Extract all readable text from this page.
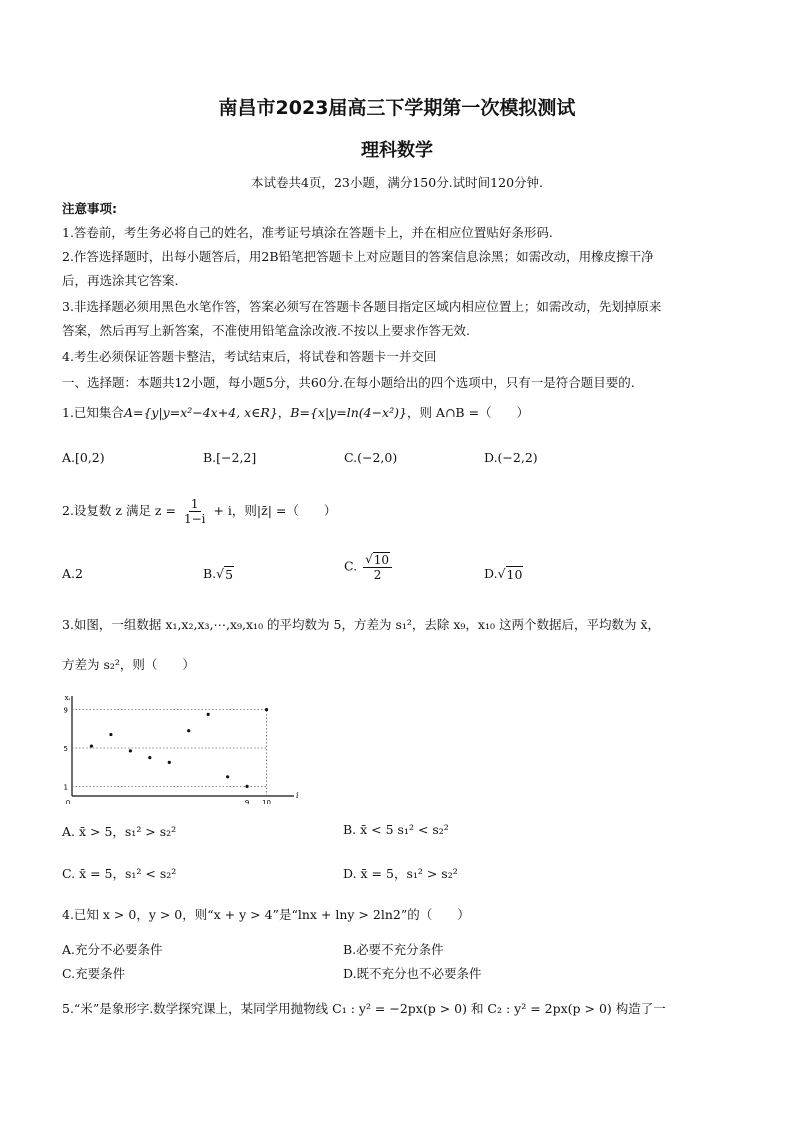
南昌市2023届高三下学期第一次模拟测试
理科数学
本试卷共4页，23小题，满分150分.试时间120分钟.
注意事项:
1.答卷前，考生务必将自己的姓名，准考证号填涂在答题卡上，并在相应位置贴好条形码.
2.作答选择题时，出每小题答后，用2B铅笔把答题卡上对应题目的答案信息涂黑；如需改动，用橡皮擦干净
后，再选涂其它答案.
3.非选择题必须用黑色水笔作答，答案必须写在答题卡各题目指定区域内相应位置上；如需改动，先划掉原来
答案，然后再写上新答案，不准使用铅笔盒涂改液.不按以上要求作答无效.
4.考生必须保证答题卡整洁，考试结束后，将试卷和答题卡一并交回
一、选择题：本题共12小题，每小题5分，共60分.在每小题给出的四个选项中，只有一是符合题目要的.
1.已知集合A={y|y=x²−4x+4, x∈R}，B={x|y=ln(4−x²)}，则 A∩B =（　　）
A.[0,2)	B.[−2,2]	C.(−2,0)	D.(−2,2)
2.设复数 z 满足 $z = \frac{1}{1-i} + i$，则|z̄| =（　　）
A.2	B.√ 5
C. $\frac{√ 10}{2}$	D.√ 10
3.如图，一组数据 x₁,x₂,x₃,⋯,x₉,x₁₀ 的平均数为 5，方差为 s₁²，去除 x₉，x₁₀ 这两个数据后，平均数为 x̄，
方差为 s₂²，则（　　）
xᵢ
i
1
5
9
0	9 10
A. x̄ > 5，s₁² > s₂²	B. x̄ < 5 s₁² < s₂²
C. x̄ = 5，s₁² < s₂²	D. x̄ = 5，s₁² > s₂²
4.已知 x > 0，y > 0，则“x + y > 4”是“lnx + lny > 2ln2”的（　　）
A.充分不必要条件	B.必要不充分条件
C.充要条件	D.既不充分也不必要条件
5.“米”是象形字.数学探究课上，某同学用抛物线 C₁ : y² = −2px(p > 0) 和 C₂ : y² = 2px(p > 0) 构造了一
